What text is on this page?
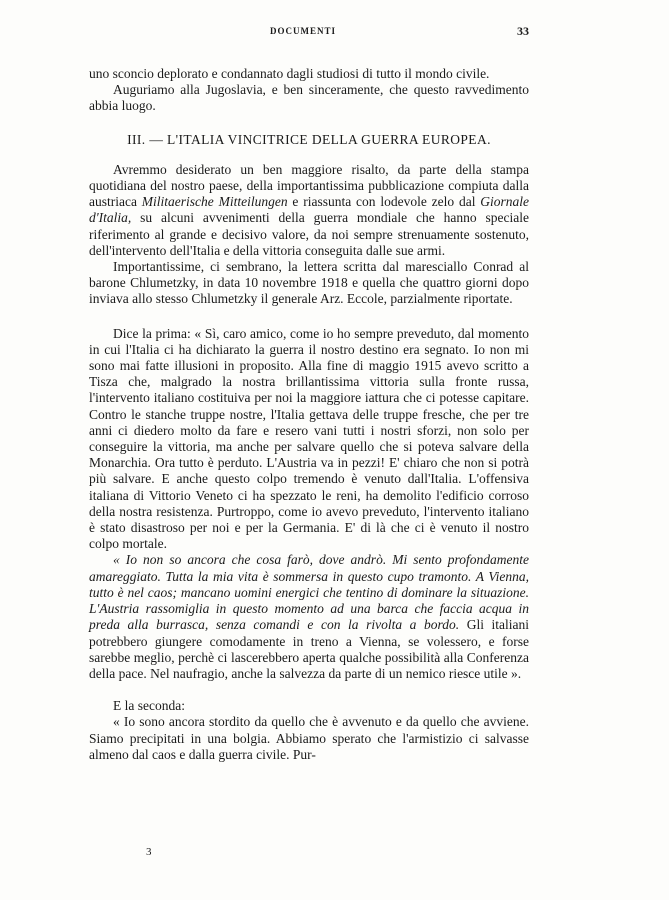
DOCUMENTI	33

uno sconcio deplorato e condannato dagli studiosi di tutto il mondo civile.

Auguriamo alla Jugoslavia, e ben sinceramente, che questo ravvedimento abbia luogo.

III. — L'ITALIA VINCITRICE DELLA GUERRA EUROPEA.

Avremmo desiderato un ben maggiore risalto, da parte della stampa quotidiana del nostro paese, della importantissima pubblicazione compiuta dalla austriaca Militaerische Mitteilungen e riassunta con lodevole zelo dal Giornale d'Italia, su alcuni avvenimenti della guerra mondiale che hanno speciale riferimento al grande e decisivo valore, da noi sempre strenuamente sostenuto, dell'intervento dell'Italia e della vittoria conseguita dalle sue armi.

Importantissime, ci sembrano, la lettera scritta dal maresciallo Conrad al barone Chlumetzky, in data 10 novembre 1918 e quella che quattro giorni dopo inviava allo stesso Chlumetzky il generale Arz. Eccole, parzialmente riportate.

Dice la prima: « Sì, caro amico, come io ho sempre preveduto, dal momento in cui l'Italia ci ha dichiarato la guerra il nostro destino era segnato. Io non mi sono mai fatte illusioni in proposito. Alla fine di maggio 1915 avevo scritto a Tisza che, malgrado la nostra brillantissima vittoria sulla fronte russa, l'intervento italiano costituiva per noi la maggiore iattura che ci potesse capitare. Contro le stanche truppe nostre, l'Italia gettava delle truppe fresche, che per tre anni ci diedero molto da fare e resero vani tutti i nostri sforzi, non solo per conseguire la vittoria, ma anche per salvare quello che si poteva salvare della Monarchia. Ora tutto è perduto. L'Austria va in pezzi! E' chiaro che non si potrà più salvare. E anche questo colpo tremendo è venuto dall'Italia. L'offensiva italiana di Vittorio Veneto ci ha spezzato le reni, ha demolito l'edificio corroso della nostra resistenza. Purtroppo, come io avevo preveduto, l'intervento italiano è stato disastroso per noi e per la Germania. E' di là che ci è venuto il nostro colpo mortale.

« Io non so ancora che cosa farò, dove andrò. Mi sento profondamente amareggiato. Tutta la mia vita è sommersa in questo cupo tramonto. A Vienna, tutto è nel caos; mancano uomini energici che tentino di dominare la situazione. L'Austria rassomiglia in questo momento ad una barca che faccia acqua in preda alla burrasca, senza comandi e con la rivolta a bordo. Gli italiani potrebbero giungere comodamente in treno a Vienna, se volessero, e forse sarebbe meglio, perchè ci lascerebbero aperta qualche possibilità alla Conferenza della pace. Nel naufragio, anche la salvezza da parte di un nemico riesce utile ».

E la seconda:

« Io sono ancora stordito da quello che è avvenuto e da quello che avviene. Siamo precipitati in una bolgia. Abbiamo sperato che l'armistizio ci salvasse almeno dal caos e dalla guerra civile. Pur-

3
